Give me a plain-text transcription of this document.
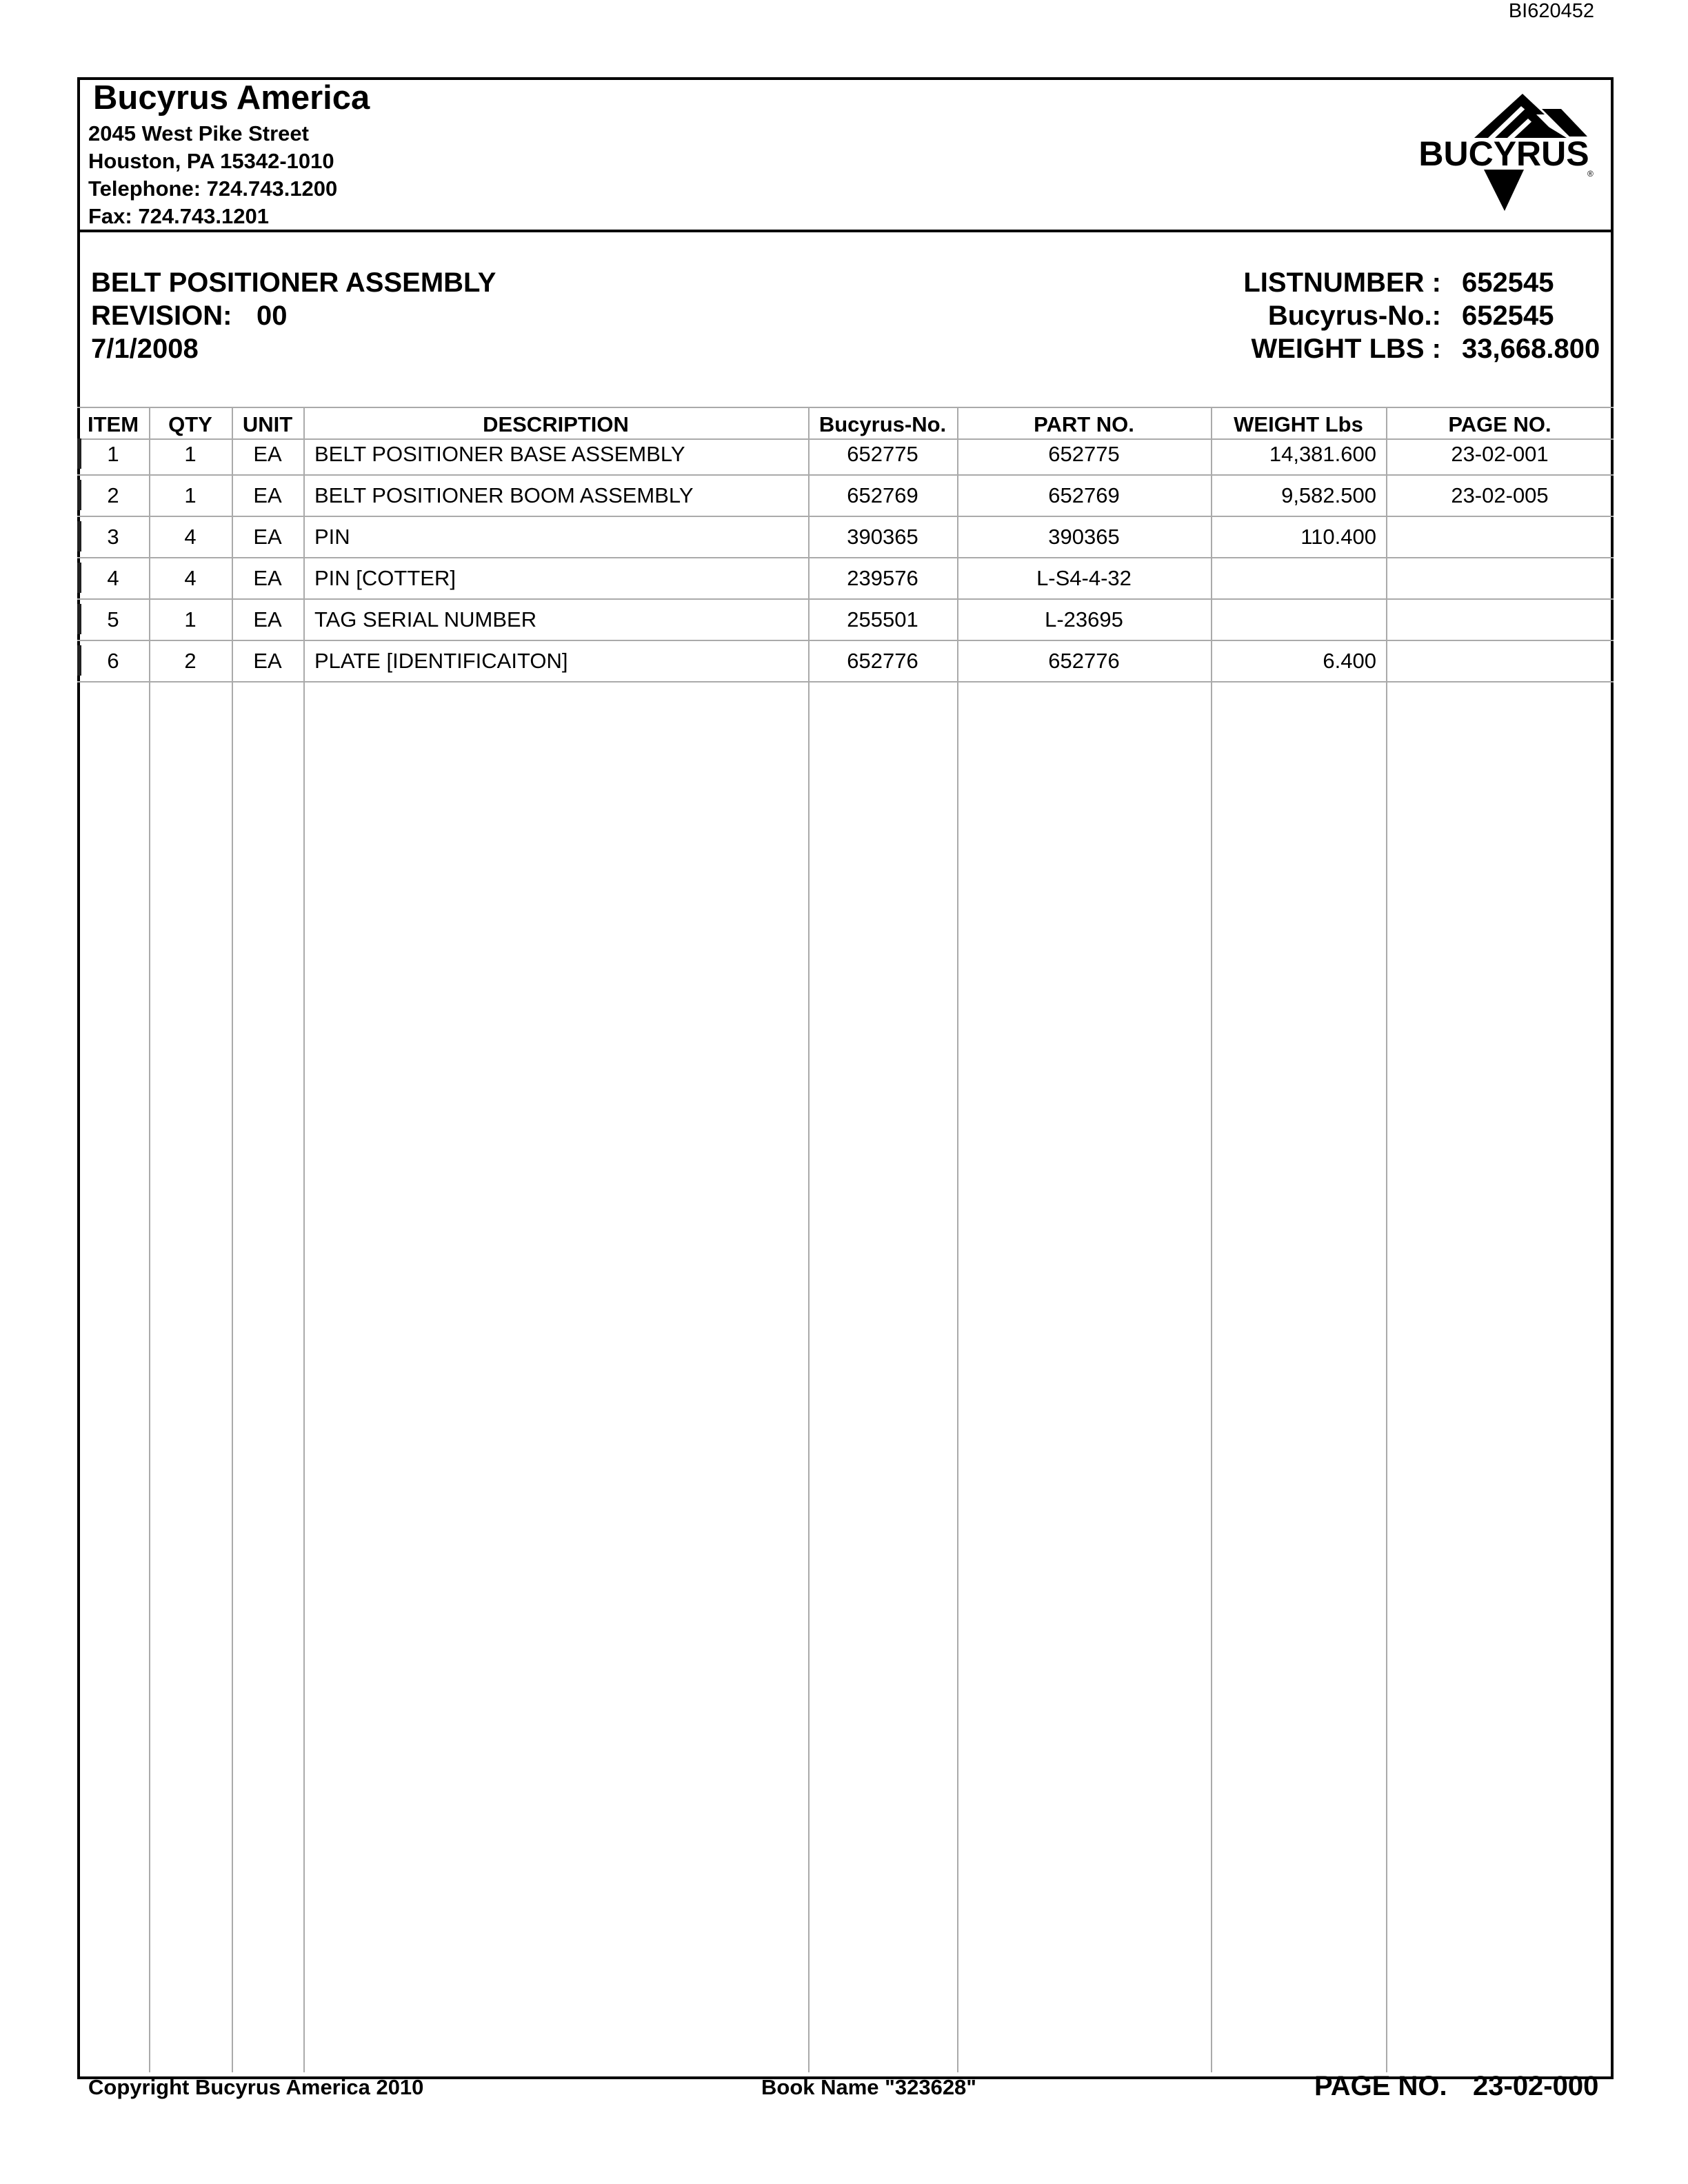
BI620452
Bucyrus America
2045 West Pike Street
Houston, PA 15342-1010
Telephone: 724.743.1200
Fax: 724.743.1201
BUCYRUS
®
BELT POSITIONER ASSEMBLY
REVISION: 00
7/1/2008
LISTNUMBER : 652545
Bucyrus-No.: 652545
WEIGHT LBS : 33,668.800
ITEM	QTY	UNIT	DESCRIPTION	Bucyrus-No.	PART NO.	WEIGHT Lbs	PAGE NO.
1	1	EA	BELT POSITIONER BASE ASSEMBLY	652775	652775	14,381.600	23-02-001
2	1	EA	BELT POSITIONER BOOM ASSEMBLY	652769	652769	9,582.500	23-02-005
3	4	EA	PIN	390365	390365	110.400
4	4	EA	PIN [COTTER]	239576	L-S4-4-32
5	1	EA	TAG SERIAL NUMBER	255501	L-23695
6	2	EA	PLATE [IDENTIFICAITON]	652776	652776	6.400
Copyright Bucyrus America 2010	Book Name "323628"	PAGE NO. 23-02-000
